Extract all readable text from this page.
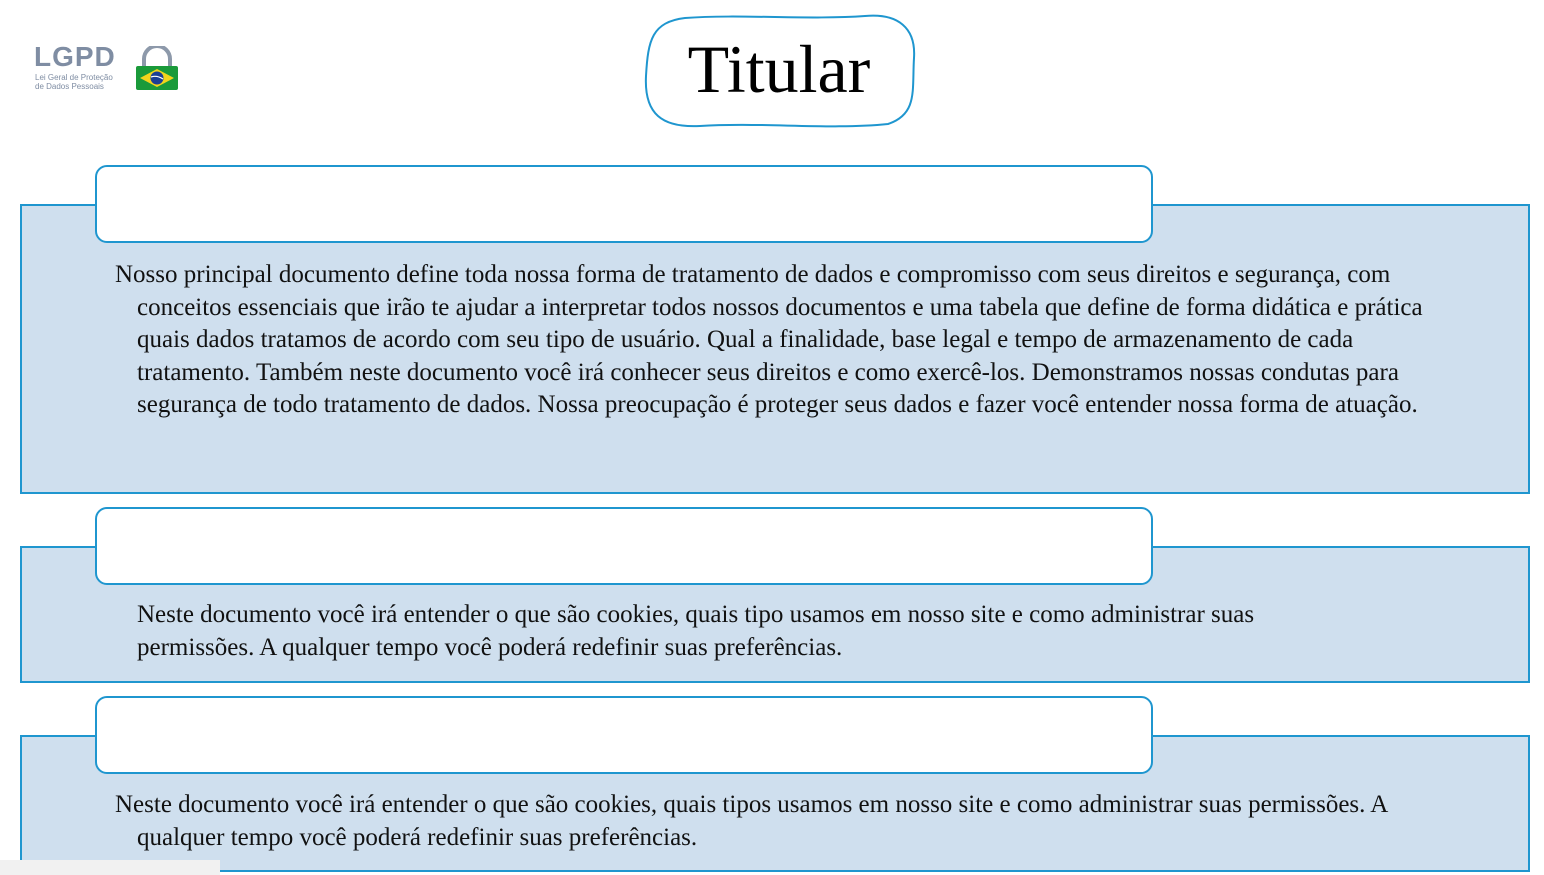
LGPD
Lei Geral de Proteção
de Dados Pessoais	Titular
Nosso principal documento define toda nossa forma de tratamento de dados e compromisso com seus direitos e segurança, com conceitos essenciais que irão te ajudar a interpretar todos nossos documentos e uma tabela que define de forma didática e prática quais dados tratamos de acordo com seu tipo de usuário. Qual a finalidade, base legal e tempo de armazenamento de cada tratamento. Também neste documento você irá conhecer seus direitos e como exercê-los. Demonstramos nossas condutas para segurança de todo tratamento de dados. Nossa preocupação é proteger seus dados e fazer você entender nossa forma de atuação.
Neste documento você irá entender o que são cookies, quais tipo usamos em nosso site e como administrar suas permissões. A qualquer tempo você poderá redefinir suas preferências.
Neste documento você irá entender o que são cookies, quais tipos usamos em nosso site e como administrar suas permissões. A qualquer tempo você poderá redefinir suas preferências.
